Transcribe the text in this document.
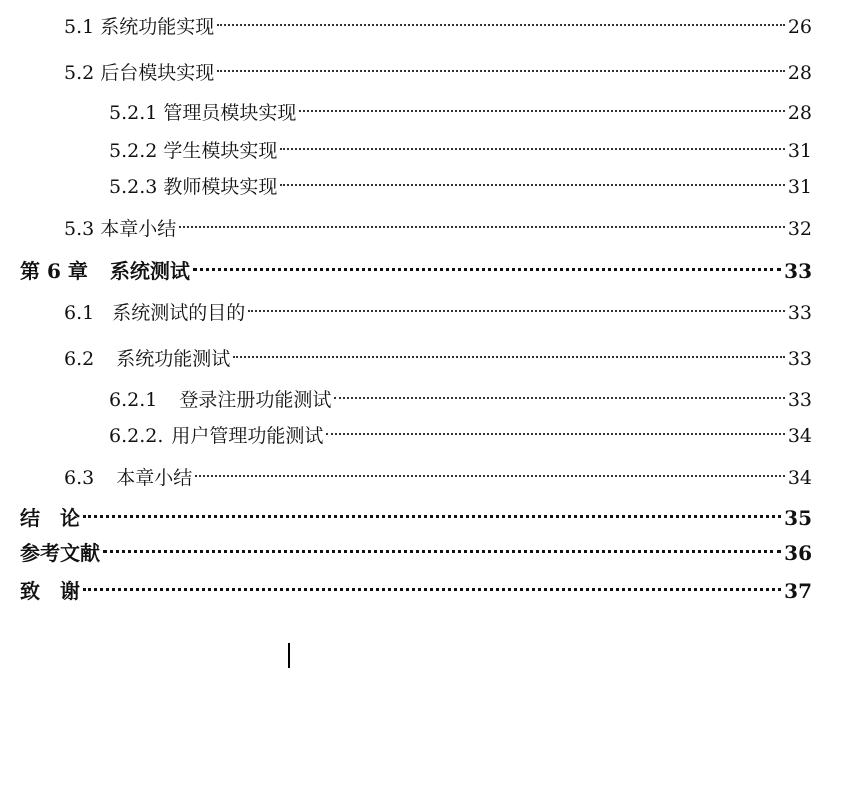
5.1 系统功能实现	26
5.2 后台模块实现	28
5.2.1 管理员模块实现	28
5.2.2 学生模块实现	31
5.2.3 教师模块实现	31
5.3 本章小结	32
第 6 章 系统测试	33
6.1 系统测试的目的	33
6.2 系统功能测试	33
6.2.1 登录注册功能测试	33
6.2.2. 用户管理功能测试	34
6.3 本章小结	34
结　论	35
参考文献	36
致　谢	37
